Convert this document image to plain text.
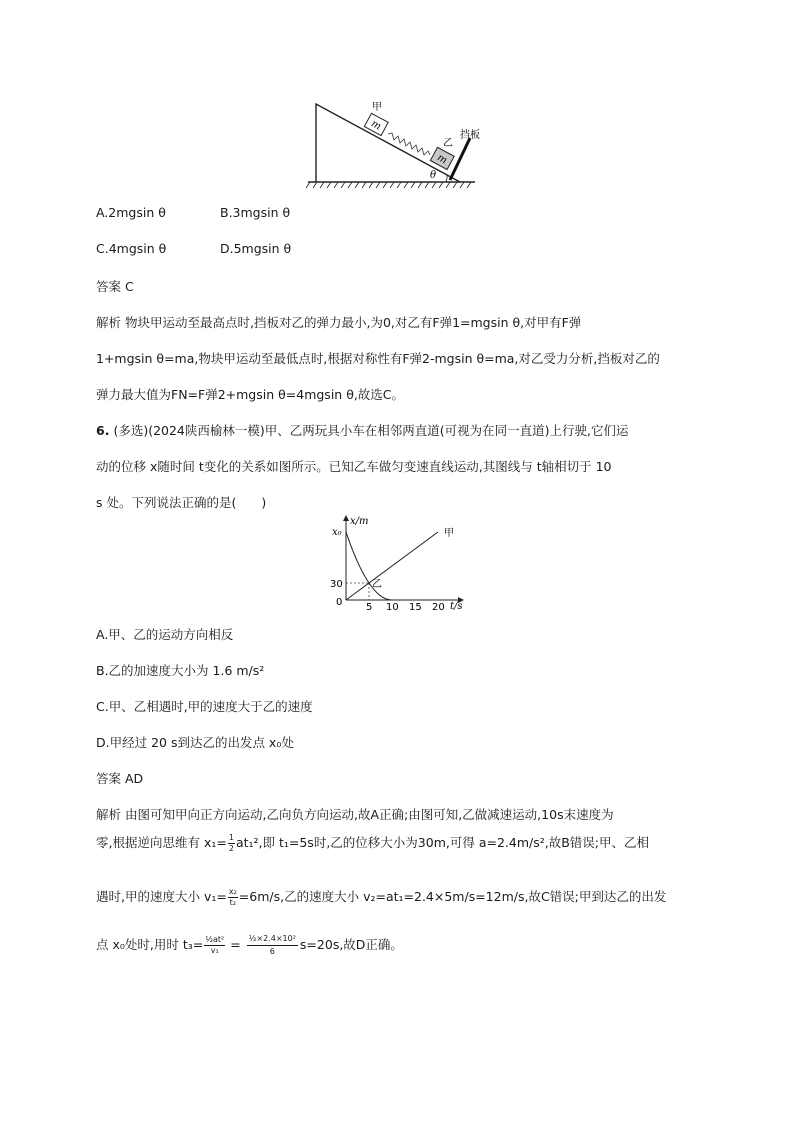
m
m
甲
乙
挡板
θ
A.2mgsin θ	B.3mgsin θ
C.4mgsin θ	D.5mgsin θ
答案 C
解析 物块甲运动至最高点时,挡板对乙的弹力最小,为0,对乙有F弹1=mgsin θ,对甲有F弹
1+mgsin θ=ma,物块甲运动至最低点时,根据对称性有F弹2-mgsin θ=ma,对乙受力分析,挡板对乙的
弹力最大值为FN=F弹2+mgsin θ=4mgsin θ,故选C。
6. (多选)(2024陕西榆林一模)甲、乙两玩具小车在相邻两直道(可视为在同一直道)上行驶,它们运
动的位移 x随时间 t变化的关系如图所示。已知乙车做匀变速直线运动,其图线与 t轴相切于 10
s 处。下列说法正确的是(　　)
x/m
t/s
0 5 10 15 20
30
x₀	甲
乙
A.甲、乙的运动方向相反
B.乙的加速度大小为 1.6 m/s²
C.甲、乙相遇时,甲的速度大于乙的速度
D.甲经过 20 s到达乙的出发点 x₀处
答案 AD
解析 由图可知甲向正方向运动,乙向负方向运动,故A正确;由图可知,乙做减速运动,10s末速度为
零,根据逆向思维有 $x_1= \frac{1}{2} at_1^2$,即 t₁=5s时,乙的位移大小为30m,可得 a=2.4m/s²,故B错误;甲、乙相
遇时,甲的速度大小 $v_1= \frac{\text{x₂}}{\text{t₂}} =6m/s$,乙的速度大小 v₂=at₁=2.4×5m/s=12m/s,故C错误;甲到达乙的出发
点 x₀处时,用时 $t_3= \frac{\text{½at²}}{\text{v₁}} = \frac{\text{½×2.4×10²}}{6} s=20s$,故D正确。
